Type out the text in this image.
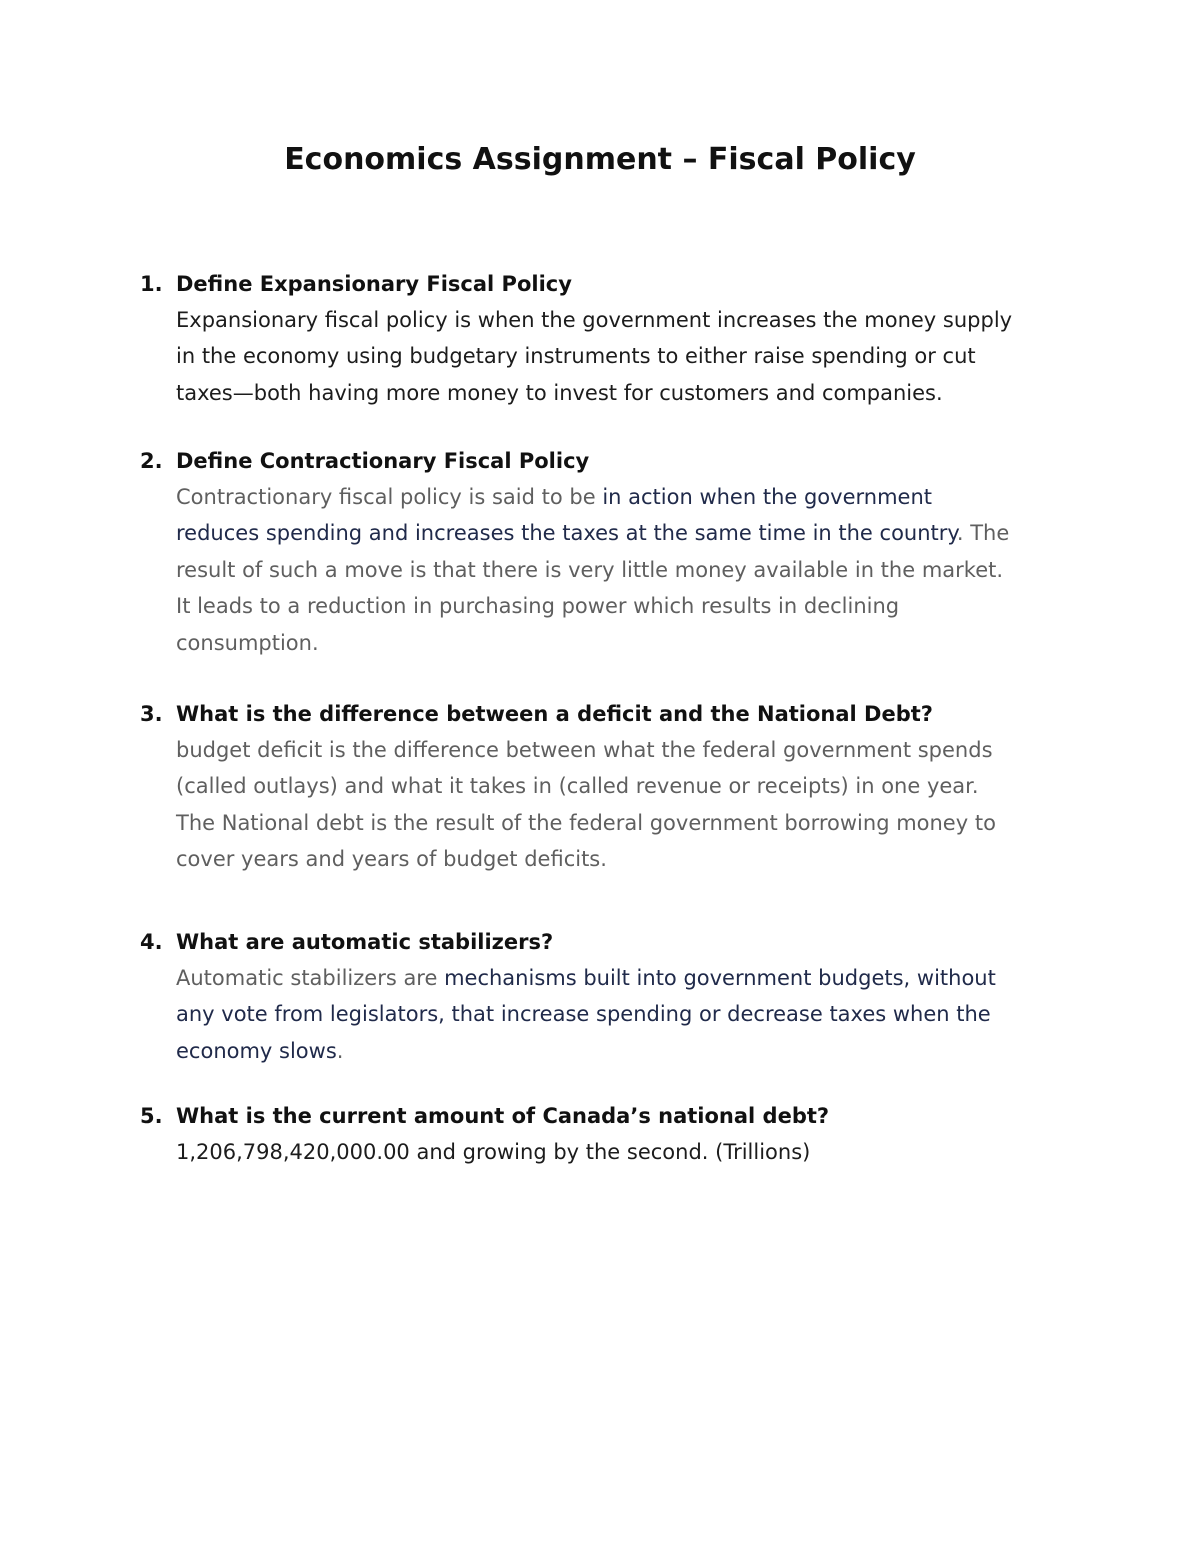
Economics Assignment – Fiscal Policy
1. Define Expansionary Fiscal Policy
Expansionary fiscal policy is when the government increases the money supply
in the economy using budgetary instruments to either raise spending or cut
taxes—both having more money to invest for customers and companies.
2. Define Contractionary Fiscal Policy
Contractionary fiscal policy is said to be in action when the government
reduces spending and increases the taxes at the same time in the country. The
result of such a move is that there is very little money available in the market.
It leads to a reduction in purchasing power which results in declining
consumption.
3. What is the difference between a deficit and the National Debt?
budget deficit is the difference between what the federal government spends
(called outlays) and what it takes in (called revenue or receipts) in one year.
The National debt is the result of the federal government borrowing money to
cover years and years of budget deficits.
4. What are automatic stabilizers?
Automatic stabilizers are mechanisms built into government budgets, without
any vote from legislators, that increase spending or decrease taxes when the
economy slows.
5. What is the current amount of Canada’s national debt?
1,206,798,420,000.00 and growing by the second. (Trillions)
